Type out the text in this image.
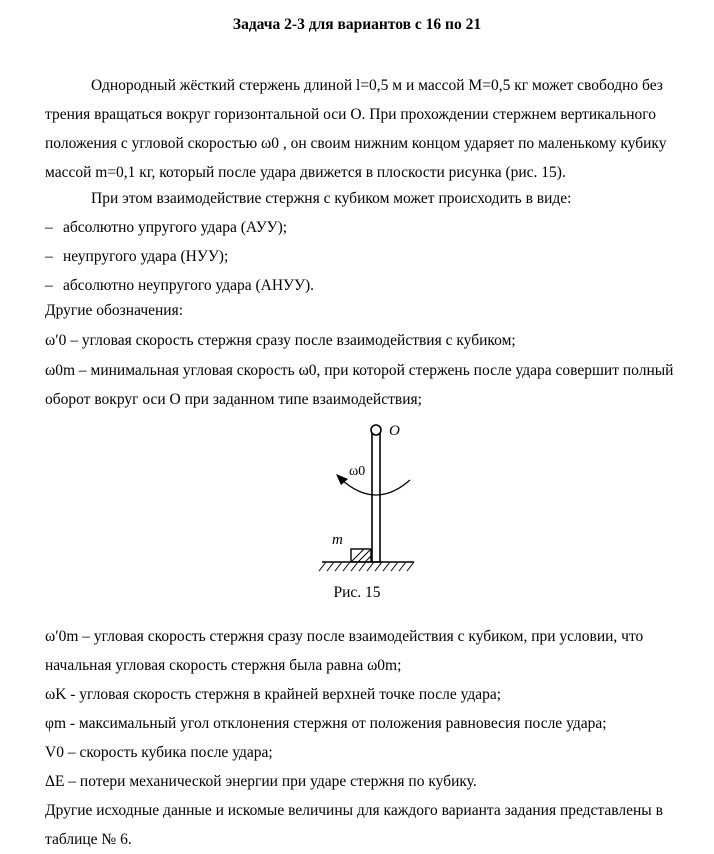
Задача 2-3 для вариантов с 16 по 21
Однородный жёсткий стержень длиной l=0,5 м и массой M=0,5 кг может свободно без трения вращаться вокруг горизонтальной оси O. При прохождении стержнем вертикального положения с угловой скоростью ω0 , он своим нижним концом ударяет по маленькому кубику массой m=0,1 кг, который после удара движется в плоскости рисунка (рис. 15).
При этом взаимодействие стержня с кубиком может происходить в виде:
– абсолютно упругого удара (АУУ);
– неупругого удара (НУУ);
– абсолютно неупругого удара (АНУУ).
Другие обозначения:
ω′0 – угловая скорость стержня сразу после взаимодействия с кубиком;
ω0m – минимальная угловая скорость ω0, при которой стержень после удара совершит полный оборот вокруг оси O при заданном типе взаимодействия;
O
ω0
m
Рис. 15
ω′0m – угловая скорость стержня сразу после взаимодействия с кубиком, при условии, что начальная угловая скорость стержня была равна ω0m;
ωK - угловая скорость стержня в крайней верхней точке после удара;
φm - максимальный угол отклонения стержня от положения равновесия после удара;
V0 – скорость кубика после удара;
ΔE – потери механической энергии при ударе стержня по кубику.
Другие исходные данные и искомые величины для каждого варианта задания представлены в таблице № 6.
